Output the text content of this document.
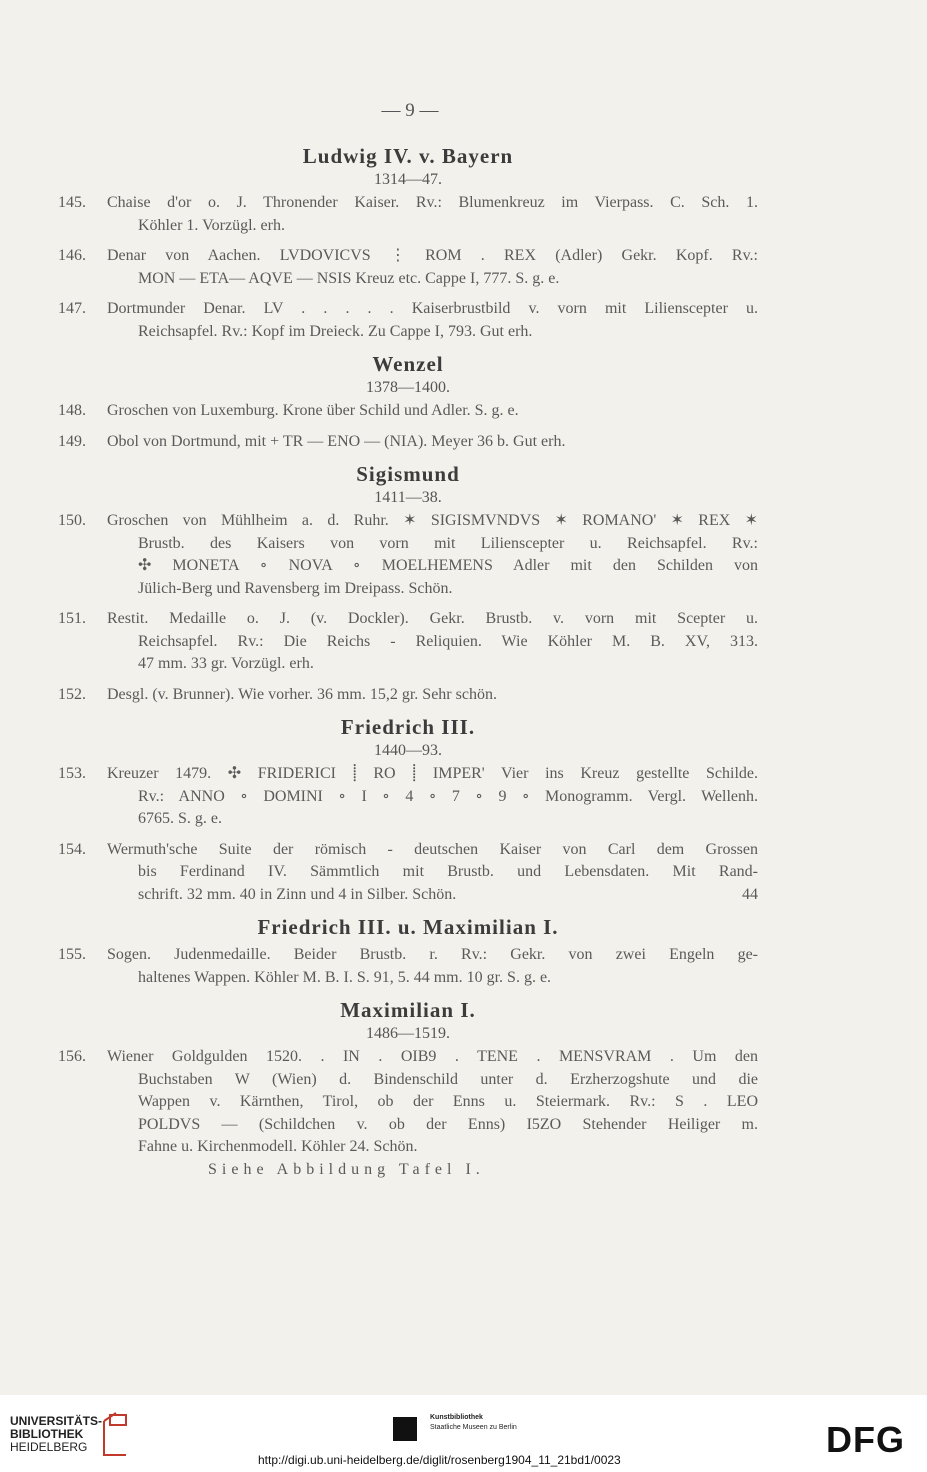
— 9 —
Ludwig IV. v. Bayern
1314—47.
145.	Chaise d'or o. J. Thronender Kaiser. Rv.: Blumenkreuz im Vierpass. C. Sch. 1.
Köhler 1. Vorzügl. erh.
146.	Denar von Aachen. LVDOVICVS ⋮ ROM . REX (Adler) Gekr. Kopf. Rv.:
MON — ETA— AQVE — NSIS Kreuz etc. Cappe I, 777. S. g. e.
147.	Dortmunder Denar. LV . . . . . Kaiserbrustbild v. vorn mit Liliensc​epter u.
Reichsapfel. Rv.: Kopf im Dreieck. Zu Cappe I, 793. Gut erh.
Wenzel
1378—1400.
148.	Groschen von Luxemburg. Krone über Schild und Adler. S. g. e.
149.	Obol von Dortmund, mit + TR — ENO — (NIA). Meyer 36 b. Gut erh.
Sigismund
1411—38.
150.	Groschen von Mühlheim a. d. Ruhr. ✶ SIGISMVNDVS ✶ ROMANO' ✶ REX ✶
Brustb. des Kaisers von vorn mit Liliensc​epter u. Reichsapfel. Rv.:
✣ MONETA ∘ NOVA ∘ MOELHEMENS Adler mit den Schilden von
Jülich-Berg und Ravensberg im Dreipass. Schön.
151.	Restit. Medaille o. J. (v. Dockler). Gekr. Brustb. v. vorn mit Scepter u.
Reichsapfel. Rv.: Die Reichs - Reliquien. Wie Köhler M. B. XV, 313.
47 mm. 33 gr. Vorzügl. erh.
152.	Desgl. (v. Brunner). Wie vorher. 36 mm. 15,2 gr. Sehr schön.
Friedrich III.
1440—93.
153.	Kreuzer 1479. ✣ FRIDERICI ⸽ RO ⸽ IMPER' Vier ins Kreuz gestellte Schilde.
Rv.: ANNO ∘ DOMINI ∘ I ∘ 4 ∘ 7 ∘ 9 ∘ Monogramm. Vergl. Wellenh.
6765. S. g. e.
154.	Wermuth'sche Suite der römisch - deutschen Kaiser von Carl dem Grossen
bis Ferdinand IV. Sämmtlich mit Brustb. und Lebensdaten. Mit Rand-
schrift. 32 mm. 40 in Zinn und 4 in Silber. Schön.	44
Friedrich III. u. Maximilian I.
155.	Sogen. Judenmedaille. Beider Brustb. r. Rv.: Gekr. von zwei Engeln ge-
haltenes Wappen. Köhler M. B. I. S. 91, 5. 44 mm. 10 gr. S. g. e.
Maximilian I.
1486—1519.
156.	Wiener Goldgulden 1520. . IN . OIB9 . TENE . MENSVRAM . Um den
Buchstaben W (Wien) d. Bindenschild unter d. Erzherzogshute und die
Wappen v. Kärnthen, Tirol, ob der Enns u. Steiermark. Rv.: S . LEO
POLDVS — (Schildchen v. ob der Enns) I5ZO Stehender Heiliger m.
Fahne u. Kirchenmodell. Köhler 24. Schön.
Siehe Abbildung Tafel I.
UNIVERSITÄTS-
BIBLIOTHEK
HEIDELBERG
Kunstbibliothek
Staatliche Museen zu Berlin	DFG
http://digi.ub.uni-heidelberg.de/diglit/rosenberg1904_11_21bd1/0023
